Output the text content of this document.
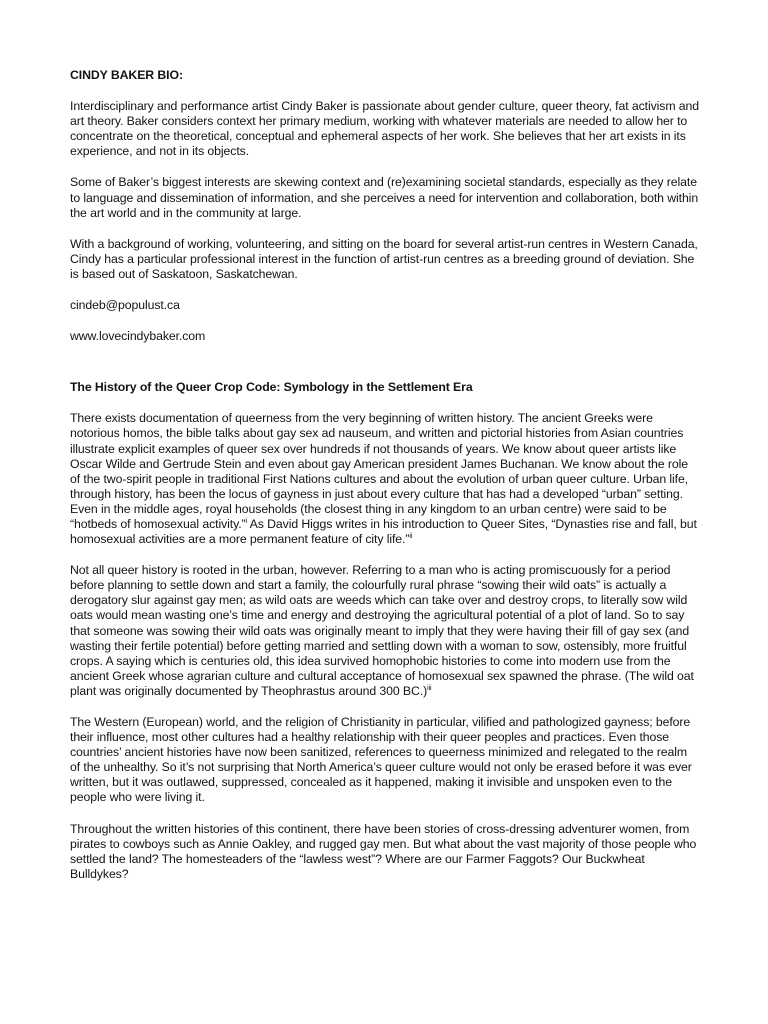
CINDY BAKER BIO:

Interdisciplinary and performance artist Cindy Baker is passionate about gender culture, queer theory, fat activism and art theory. Baker considers context her primary medium, working with whatever materials are needed to allow her to concentrate on the theoretical, conceptual and ephemeral aspects of her work. She believes that her art exists in its experience, and not in its objects.

Some of Baker’s biggest interests are skewing context and (re)examining societal standards, especially as they relate to language and dissemination of information, and she perceives a need for intervention and collaboration, both within the art world and in the community at large.

With a background of working, volunteering, and sitting on the board for several artist-run centres in Western Canada, Cindy has a particular professional interest in the function of artist-run centres as a breeding ground of deviation. She is based out of Saskatoon, Saskatchewan.

cindeb@populust.ca

www.lovecindybaker.com

The History of the Queer Crop Code: Symbology in the Settlement Era

There exists documentation of queerness from the very beginning of written history. The ancient Greeks were notorious homos, the bible talks about gay sex ad nauseum, and written and pictorial histories from Asian countries illustrate explicit examples of queer sex over hundreds if not thousands of years. We know about queer artists like Oscar Wilde and Gertrude Stein and even about gay American president James Buchanan. We know about the role of the two-spirit people in traditional First Nations cultures and about the evolution of urban queer culture. Urban life, through history, has been the locus of gayness in just about every culture that has had a developed “urban” setting. Even in the middle ages, royal households (the closest thing in any kingdom to an urban centre) were said to be “hotbeds of homosexual activity.”$^i$ As David Higgs writes in his introduction to Queer Sites, “Dynasties rise and fall, but homosexual activities are a more permanent feature of city life.”$^{ii}$

Not all queer history is rooted in the urban, however. Referring to a man who is acting promiscuously for a period before planning to settle down and start a family, the colourfully rural phrase “sowing their wild oats” is actually a derogatory slur against gay men; as wild oats are weeds which can take over and destroy crops, to literally sow wild oats would mean wasting one’s time and energy and destroying the agricultural potential of a plot of land. So to say that someone was sowing their wild oats was originally meant to imply that they were having their fill of gay sex (and wasting their fertile potential) before getting married and settling down with a woman to sow, ostensibly, more fruitful crops. A saying which is centuries old, this idea survived homophobic histories to come into modern use from the ancient Greek whose agrarian culture and cultural acceptance of homosexual sex spawned the phrase. (The wild oat plant was originally documented by Theophrastus around 300 BC.)$^{iii}$

The Western (European) world, and the religion of Christianity in particular, vilified and pathologized gayness; before their influence, most other cultures had a healthy relationship with their queer peoples and practices. Even those countries’ ancient histories have now been sanitized, references to queerness minimized and relegated to the realm of the unhealthy. So it’s not surprising that North America’s queer culture would not only be erased before it was ever written, but it was outlawed, suppressed, concealed as it happened, making it invisible and unspoken even to the people who were living it.

Throughout the written histories of this continent, there have been stories of cross-dressing adventurer women, from pirates to cowboys such as Annie Oakley, and rugged gay men. But what about the vast majority of those people who settled the land? The homesteaders of the “lawless west”? Where are our Farmer Faggots? Our Buckwheat Bulldykes?
